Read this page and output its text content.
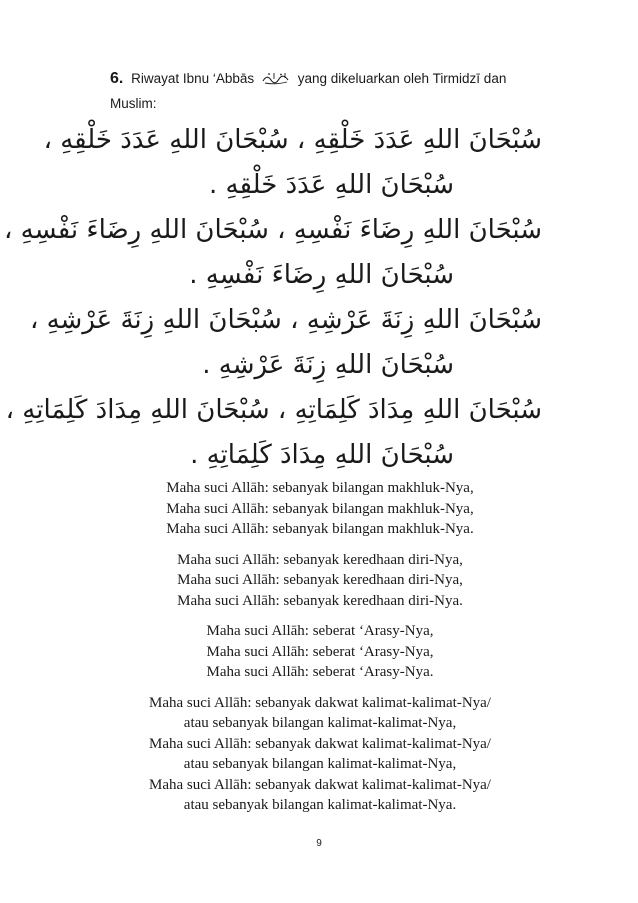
6. Riwayat Ibnu ‘Abbās	yang dikeluarkan oleh Tirmidzī dan Muslim:
سُبْحَانَ اللهِ عَدَدَ خَلْقِهِ ، سُبْحَانَ اللهِ عَدَدَ خَلْقِهِ ،
سُبْحَانَ اللهِ عَدَدَ خَلْقِهِ .
سُبْحَانَ اللهِ رِضَاءَ نَفْسِهِ ، سُبْحَانَ اللهِ رِضَاءَ نَفْسِهِ ،
سُبْحَانَ اللهِ رِضَاءَ نَفْسِهِ .
سُبْحَانَ اللهِ زِنَةَ عَرْشِهِ ، سُبْحَانَ اللهِ زِنَةَ عَرْشِهِ ،
سُبْحَانَ اللهِ زِنَةَ عَرْشِهِ .
سُبْحَانَ اللهِ مِدَادَ كَلِمَاتِهِ ، سُبْحَانَ اللهِ مِدَادَ كَلِمَاتِهِ ،
سُبْحَانَ اللهِ مِدَادَ كَلِمَاتِهِ .
Maha suci Allāh: sebanyak bilangan makhluk-Nya,
Maha suci Allāh: sebanyak bilangan makhluk-Nya,
Maha suci Allāh: sebanyak bilangan makhluk-Nya.
Maha suci Allāh: sebanyak keredhaan diri-Nya,
Maha suci Allāh: sebanyak keredhaan diri-Nya,
Maha suci Allāh: sebanyak keredhaan diri-Nya.
Maha suci Allāh: seberat ‘Arasy-Nya,
Maha suci Allāh: seberat ‘Arasy-Nya,
Maha suci Allāh: seberat ‘Arasy-Nya.
Maha suci Allāh: sebanyak dakwat kalimat-kalimat-Nya/
atau sebanyak bilangan kalimat-kalimat-Nya,
Maha suci Allāh: sebanyak dakwat kalimat-kalimat-Nya/
atau sebanyak bilangan kalimat-kalimat-Nya,
Maha suci Allāh: sebanyak dakwat kalimat-kalimat-Nya/
atau sebanyak bilangan kalimat-kalimat-Nya.
9
